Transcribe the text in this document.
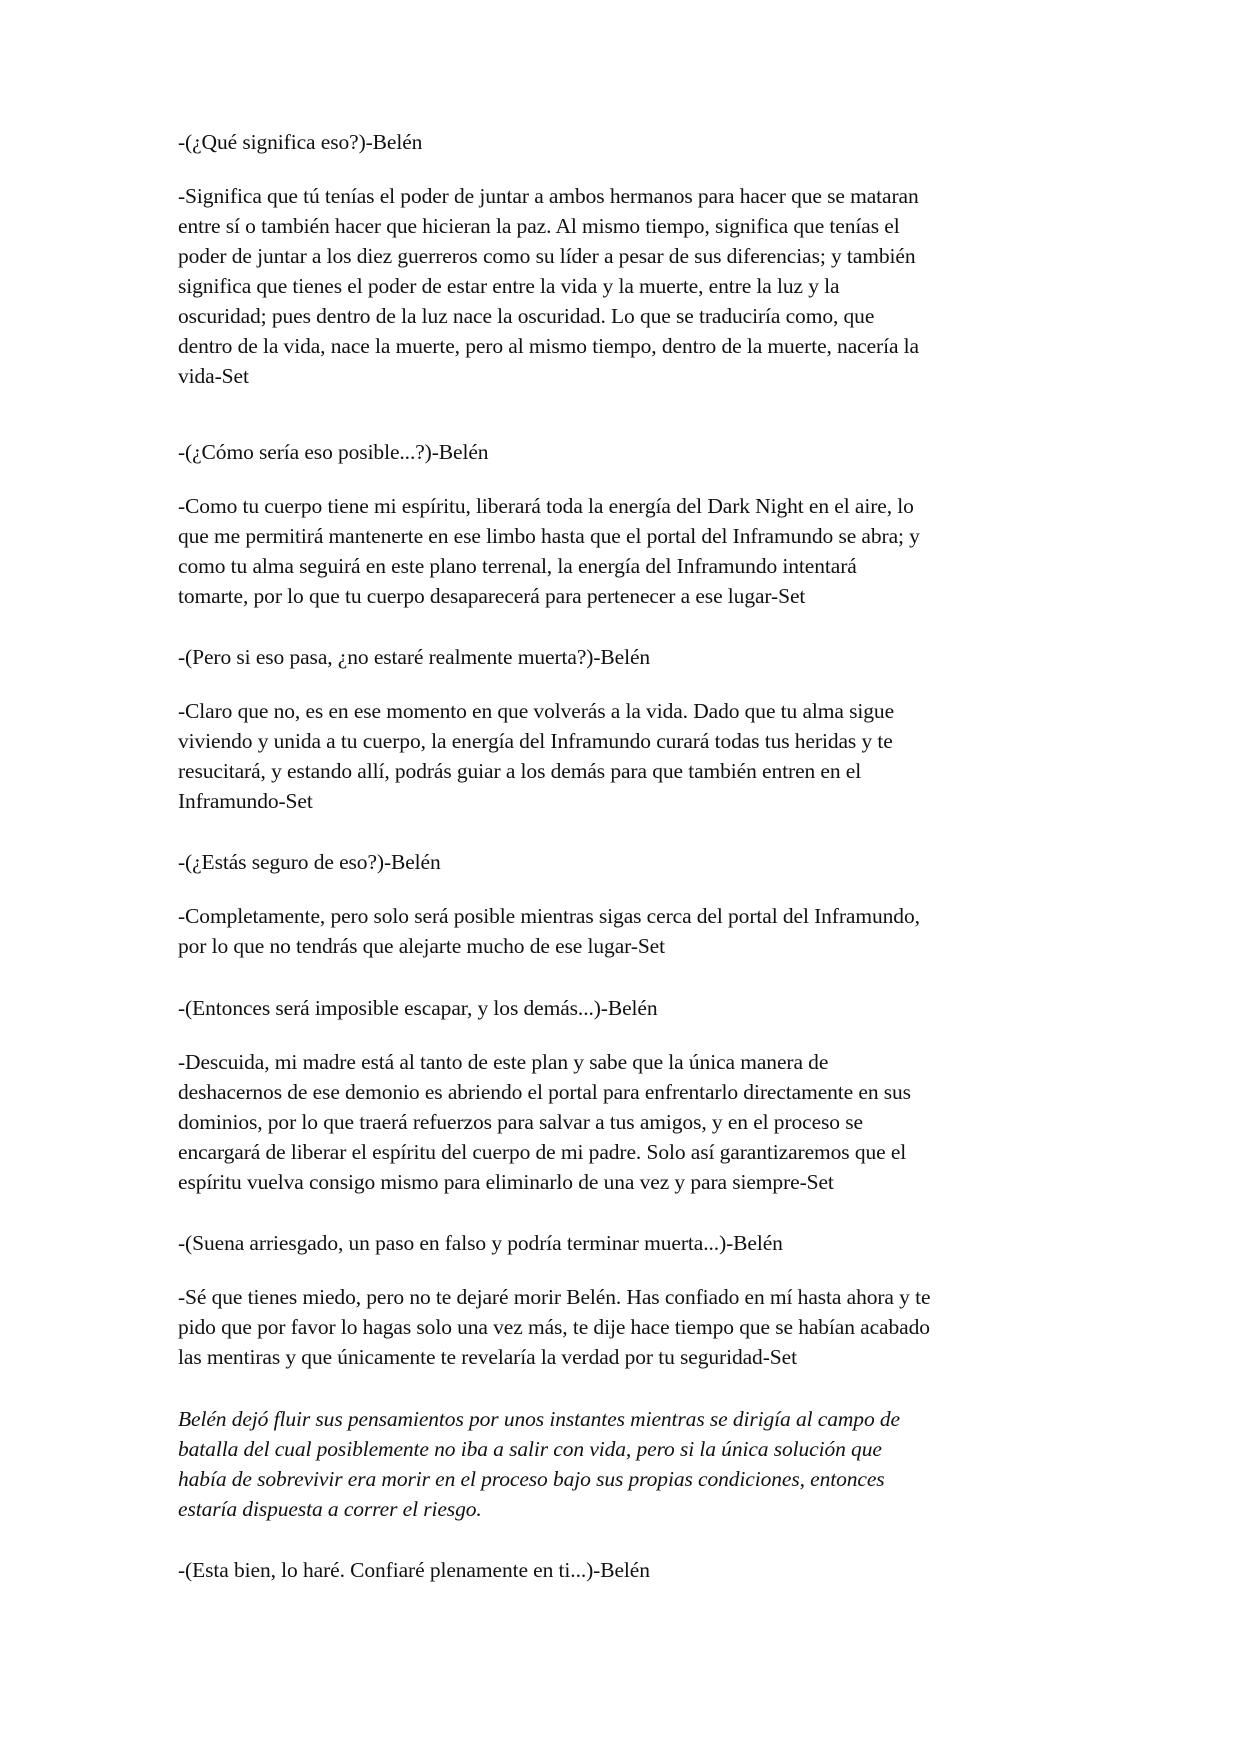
-(¿Qué significa eso?)-Belén
-Significa que tú tenías el poder de juntar a ambos hermanos para hacer que se mataran
entre sí o también hacer que hicieran la paz. Al mismo tiempo, significa que tenías el
poder de juntar a los diez guerreros como su líder a pesar de sus diferencias; y también
significa que tienes el poder de estar entre la vida y la muerte, entre la luz y la
oscuridad; pues dentro de la luz nace la oscuridad. Lo que se traduciría como, que
dentro de la vida, nace la muerte, pero al mismo tiempo, dentro de la muerte, nacería la
vida-Set
-(¿Cómo sería eso posible...?)-Belén
-Como tu cuerpo tiene mi espíritu, liberará toda la energía del Dark Night en el aire, lo
que me permitirá mantenerte en ese limbo hasta que el portal del Inframundo se abra; y
como tu alma seguirá en este plano terrenal, la energía del Inframundo intentará
tomarte, por lo que tu cuerpo desaparecerá para pertenecer a ese lugar-Set
-(Pero si eso pasa, ¿no estaré realmente muerta?)-Belén
-Claro que no, es en ese momento en que volverás a la vida. Dado que tu alma sigue
viviendo y unida a tu cuerpo, la energía del Inframundo curará todas tus heridas y te
resucitará, y estando allí, podrás guiar a los demás para que también entren en el
Inframundo-Set
-(¿Estás seguro de eso?)-Belén
-Completamente, pero solo será posible mientras sigas cerca del portal del Inframundo,
por lo que no tendrás que alejarte mucho de ese lugar-Set
-(Entonces será imposible escapar, y los demás...)-Belén
-Descuida, mi madre está al tanto de este plan y sabe que la única manera de
deshacernos de ese demonio es abriendo el portal para enfrentarlo directamente en sus
dominios, por lo que traerá refuerzos para salvar a tus amigos, y en el proceso se
encargará de liberar el espíritu del cuerpo de mi padre. Solo así garantizaremos que el
espíritu vuelva consigo mismo para eliminarlo de una vez y para siempre-Set
-(Suena arriesgado, un paso en falso y podría terminar muerta...)-Belén
-Sé que tienes miedo, pero no te dejaré morir Belén. Has confiado en mí hasta ahora y te
pido que por favor lo hagas solo una vez más, te dije hace tiempo que se habían acabado
las mentiras y que únicamente te revelaría la verdad por tu seguridad-Set
Belén dejó fluir sus pensamientos por unos instantes mientras se dirigía al campo de
batalla del cual posiblemente no iba a salir con vida, pero si la única solución que
había de sobrevivir era morir en el proceso bajo sus propias condiciones, entonces
estaría dispuesta a correr el riesgo.
-(Esta bien, lo haré. Confiaré plenamente en ti...)-Belén
